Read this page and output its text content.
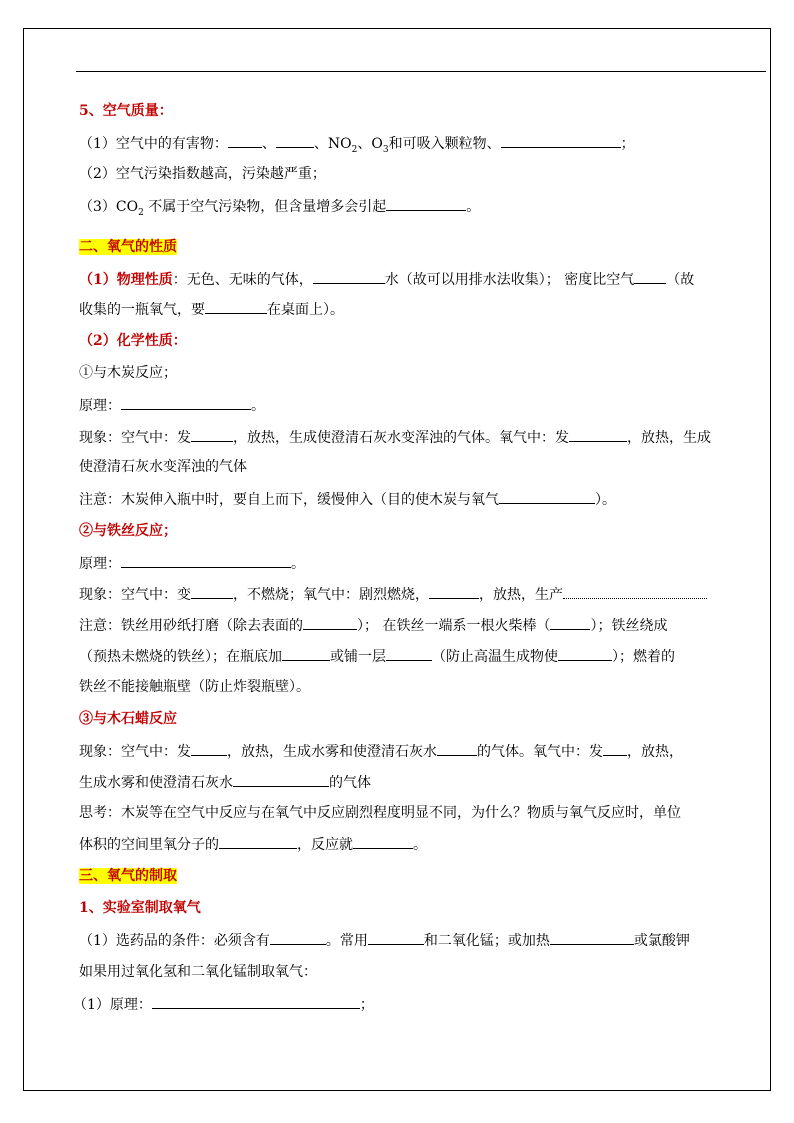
5、空气质量：
（1）空气中的有害物： 、	、$NO_2$、$O_3$和可吸入颗粒物、	；
（2）空气污染指数越高，污染越严重；
$(3)CO_2$ 不属于空气污染物，但含量增多会引起	。
二、氧气的性质
（1）物理性质：无色、无味的气体，	水（故可以用排水法收集）； 密度比空气 （故
收集的一瓶氧气，要	在桌面上）。
（2）化学性质：
①与木炭反应；
原理：	。
现象：空气中：发	，放热，生成使澄清石灰水变浑浊的气体。氧气中：发	，放热，生成
使澄清石灰水变浑浊的气体
注意：木炭伸入瓶中时，要自上而下，缓慢伸入（目的使木炭与氧气	）。
②与铁丝反应；
原理：	。
现象：空气中：变	，不燃烧；氧气中：剧烈燃烧，	，放热，生产
注意：铁丝用砂纸打磨（除去表面的	）； 在铁丝一端系一根火柴棒（	）；铁丝绕成
（预热未燃烧的铁丝）；在瓶底加	或铺一层	（防止高温生成物使	）；燃着的
铁丝不能接触瓶壁（防止炸裂瓶壁）。
③与木石蜡反应
现象：空气中：发	，放热，生成水雾和使澄清石灰水	的气体。氧气中：发 ，放热，
生成水雾和使澄清石灰水	的气体
思考：木炭等在空气中反应与在氧气中反应剧烈程度明显不同，为什么？物质与氧气反应时，单位
体积的空间里氧分子的	，反应就	。
三、氧气的制取
1、实验室制取氧气
（1）选药品的条件：必须含有	。常用	和二氧化锰；或加热	或氯酸钾
如果用过氧化氢和二氧化锰制取氧气：
（1）原理：	；
